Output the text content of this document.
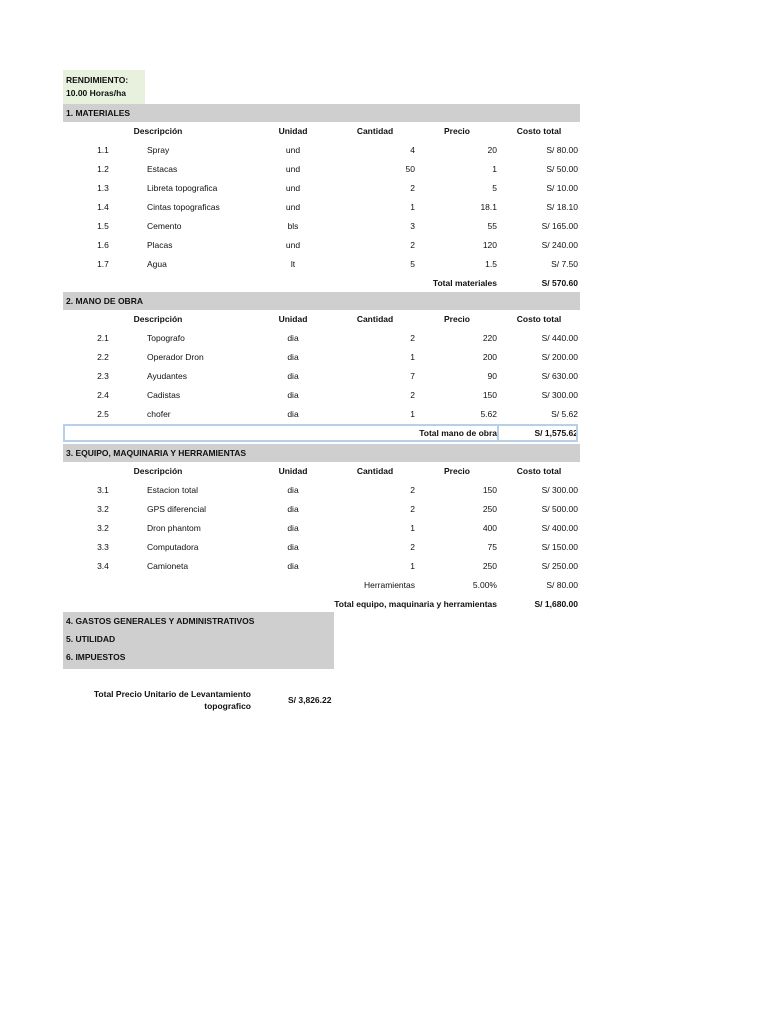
RENDIMIENTO:
10.00 Horas/ha
1. MATERIALES
Descripción	Unidad	Cantidad	Precio	Costo total
1.1	Spray	und	4	20	S/ 80.00
1.2	Estacas	und	50	1	S/ 50.00
1.3	Libreta topografica	und	2	5	S/ 10.00
1.4	Cintas topograficas	und	1	18.1	S/ 18.10
1.5	Cemento	bls	3	55	S/ 165.00
1.6	Placas	und	2	120	S/ 240.00
1.7	Agua	lt	5	1.5	S/ 7.50
Total materiales	S/ 570.60
2. MANO DE OBRA
Descripción	Unidad	Cantidad	Precio	Costo total
2.1	Topografo	dia	2	220	S/ 440.00
2.2	Operador Dron	dia	1	200	S/ 200.00
2.3	Ayudantes	dia	7	90	S/ 630.00
2.4	Cadistas	dia	2	150	S/ 300.00
2.5	chofer	dia	1	5.62	S/ 5.62
Total mano de obra	S/ 1,575.62
3. EQUIPO, MAQUINARIA Y HERRAMIENTAS
Descripción	Unidad	Cantidad	Precio	Costo total
3.1	Estacion total	dia	2	150	S/ 300.00
3.2	GPS diferencial	dia	2	250	S/ 500.00
3.2	Dron phantom	dia	1	400	S/ 400.00
3.3	Computadora	dia	2	75	S/ 150.00
3.4	Camioneta	dia	1	250	S/ 250.00
Herramientas	5.00%	S/ 80.00
Total equipo, maquinaria y herramientas	S/ 1,680.00
4. GASTOS GENERALES Y ADMINISTRATIVOS
5. UTILIDAD
6. IMPUESTOS
Total Precio Unitario de Levantamiento
topografico
S/ 3,826.22
